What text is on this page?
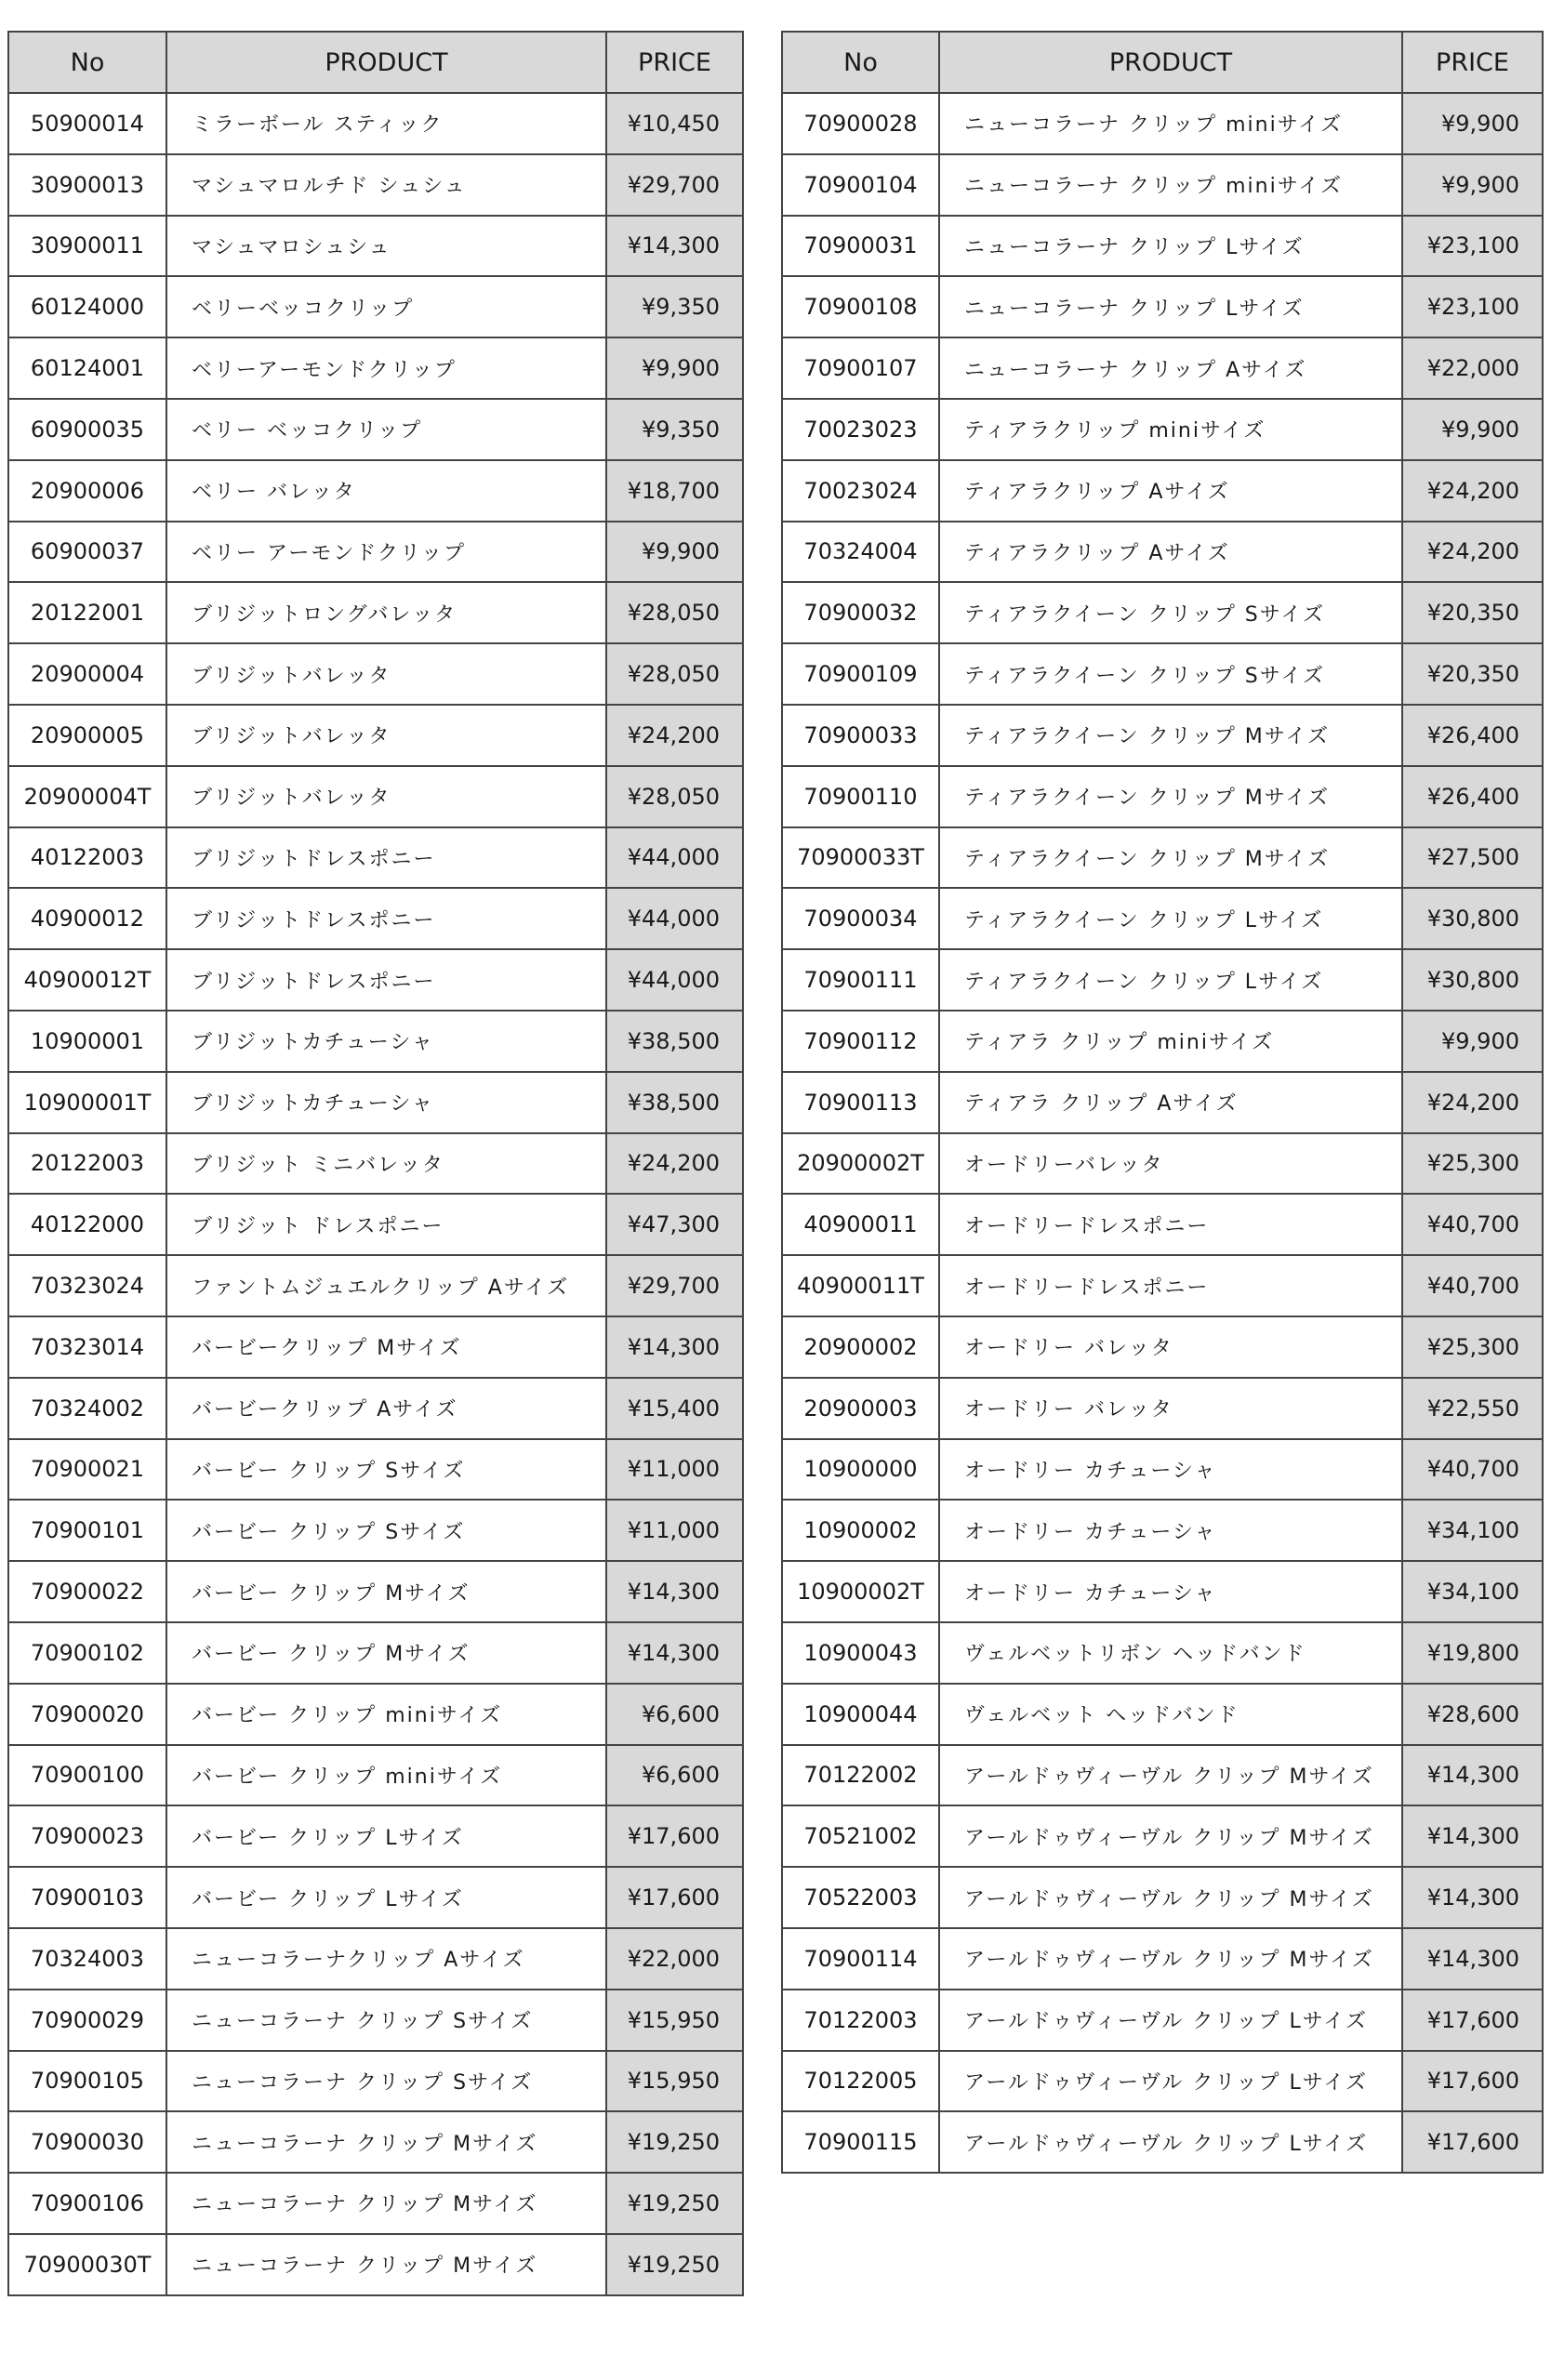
No	PRODUCT	PRICE
50900014	ミラーボール スティック	¥10,450
30900013	マシュマロルチド シュシュ	¥29,700
30900011	マシュマロシュシュ	¥14,300
60124000	ベリーベッコクリップ	¥9,350
60124001	ベリーアーモンドクリップ	¥9,900
60900035	ベリー ベッコクリップ	¥9,350
20900006	ベリー バレッタ	¥18,700
60900037	ベリー アーモンドクリップ	¥9,900
20122001	ブリジットロングバレッタ	¥28,050
20900004	ブリジットバレッタ	¥28,050
20900005	ブリジットバレッタ	¥24,200
20900004T	ブリジットバレッタ	¥28,050
40122003	ブリジットドレスポニー	¥44,000
40900012	ブリジットドレスポニー	¥44,000
40900012T	ブリジットドレスポニー	¥44,000
10900001	ブリジットカチューシャ	¥38,500
10900001T	ブリジットカチューシャ	¥38,500
20122003	ブリジット ミニバレッタ	¥24,200
40122000	ブリジット ドレスポニー	¥47,300
70323024	ファントムジュエルクリップ Aサイズ	¥29,700
70323014	バービークリップ Mサイズ	¥14,300
70324002	バービークリップ Aサイズ	¥15,400
70900021	バービー クリップ Sサイズ	¥11,000
70900101	バービー クリップ Sサイズ	¥11,000
70900022	バービー クリップ Mサイズ	¥14,300
70900102	バービー クリップ Mサイズ	¥14,300
70900020	バービー クリップ miniサイズ	¥6,600
70900100	バービー クリップ miniサイズ	¥6,600
70900023	バービー クリップ Lサイズ	¥17,600
70900103	バービー クリップ Lサイズ	¥17,600
70324003	ニューコラーナクリップ Aサイズ	¥22,000
70900029	ニューコラーナ クリップ Sサイズ	¥15,950
70900105	ニューコラーナ クリップ Sサイズ	¥15,950
70900030	ニューコラーナ クリップ Mサイズ	¥19,250
70900106	ニューコラーナ クリップ Mサイズ	¥19,250
70900030T	ニューコラーナ クリップ Mサイズ	¥19,250
No	PRODUCT	PRICE
70900028	ニューコラーナ クリップ miniサイズ	¥9,900
70900104	ニューコラーナ クリップ miniサイズ	¥9,900
70900031	ニューコラーナ クリップ Lサイズ	¥23,100
70900108	ニューコラーナ クリップ Lサイズ	¥23,100
70900107	ニューコラーナ クリップ Aサイズ	¥22,000
70023023	ティアラクリップ miniサイズ	¥9,900
70023024	ティアラクリップ Aサイズ	¥24,200
70324004	ティアラクリップ Aサイズ	¥24,200
70900032	ティアラクイーン クリップ Sサイズ	¥20,350
70900109	ティアラクイーン クリップ Sサイズ	¥20,350
70900033	ティアラクイーン クリップ Mサイズ	¥26,400
70900110	ティアラクイーン クリップ Mサイズ	¥26,400
70900033T	ティアラクイーン クリップ Mサイズ	¥27,500
70900034	ティアラクイーン クリップ Lサイズ	¥30,800
70900111	ティアラクイーン クリップ Lサイズ	¥30,800
70900112	ティアラ クリップ miniサイズ	¥9,900
70900113	ティアラ クリップ Aサイズ	¥24,200
20900002T	オードリーバレッタ	¥25,300
40900011	オードリードレスポニー	¥40,700
40900011T	オードリードレスポニー	¥40,700
20900002	オードリー バレッタ	¥25,300
20900003	オードリー バレッタ	¥22,550
10900000	オードリー カチューシャ	¥40,700
10900002	オードリー カチューシャ	¥34,100
10900002T	オードリー カチューシャ	¥34,100
10900043	ヴェルベットリボン ヘッドバンド	¥19,800
10900044	ヴェルベット ヘッドバンド	¥28,600
70122002	アールドゥヴィーヴル クリップ Mサイズ	¥14,300
70521002	アールドゥヴィーヴル クリップ Mサイズ	¥14,300
70522003	アールドゥヴィーヴル クリップ Mサイズ	¥14,300
70900114	アールドゥヴィーヴル クリップ Mサイズ	¥14,300
70122003	アールドゥヴィーヴル クリップ Lサイズ	¥17,600
70122005	アールドゥヴィーヴル クリップ Lサイズ	¥17,600
70900115	アールドゥヴィーヴル クリップ Lサイズ	¥17,600
